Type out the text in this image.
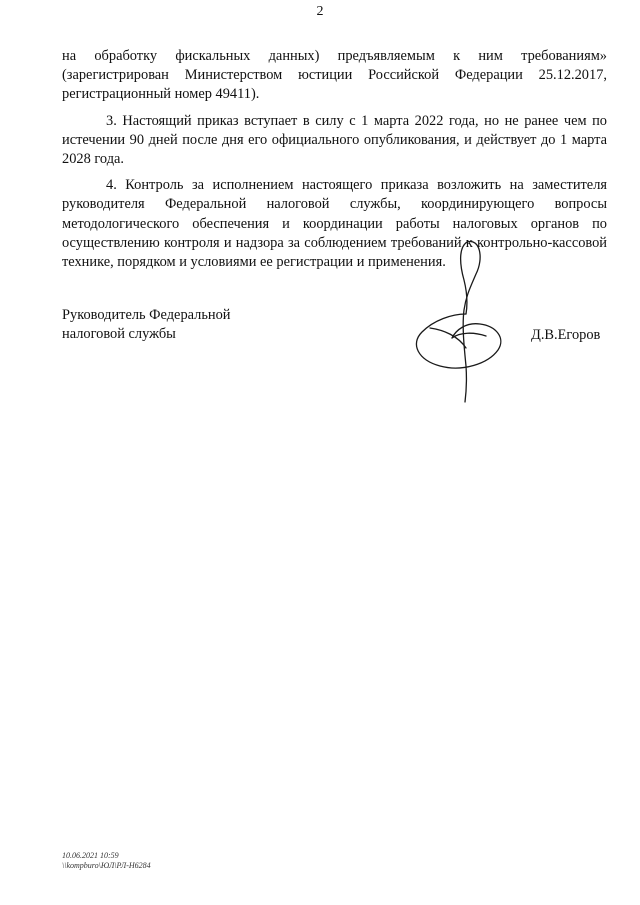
2

на обработку фискальных данных) предъявляемым к ним требованиям» (зарегистрирован Министерством юстиции Российской Федерации 25.12.2017, регистрационный номер 49411).

3. Настоящий приказ вступает в силу с 1 марта 2022 года, но не ранее чем по истечении 90 дней после дня его официального опубликования, и действует до 1 марта 2028 года.

4. Контроль за исполнением настоящего приказа возложить на заместителя руководителя Федеральной налоговой службы, координирующего вопросы методологического обеспечения и координации работы налоговых органов по осуществлению контроля и надзора за соблюдением требований к контрольно-кассовой технике, порядком и условиями ее регистрации и применения.

Руководитель Федеральной
налоговой службы	Д.В.Егоров
10.06.2021 10:59
\\kompburo\ЮЛ\РЛ-Н6284
